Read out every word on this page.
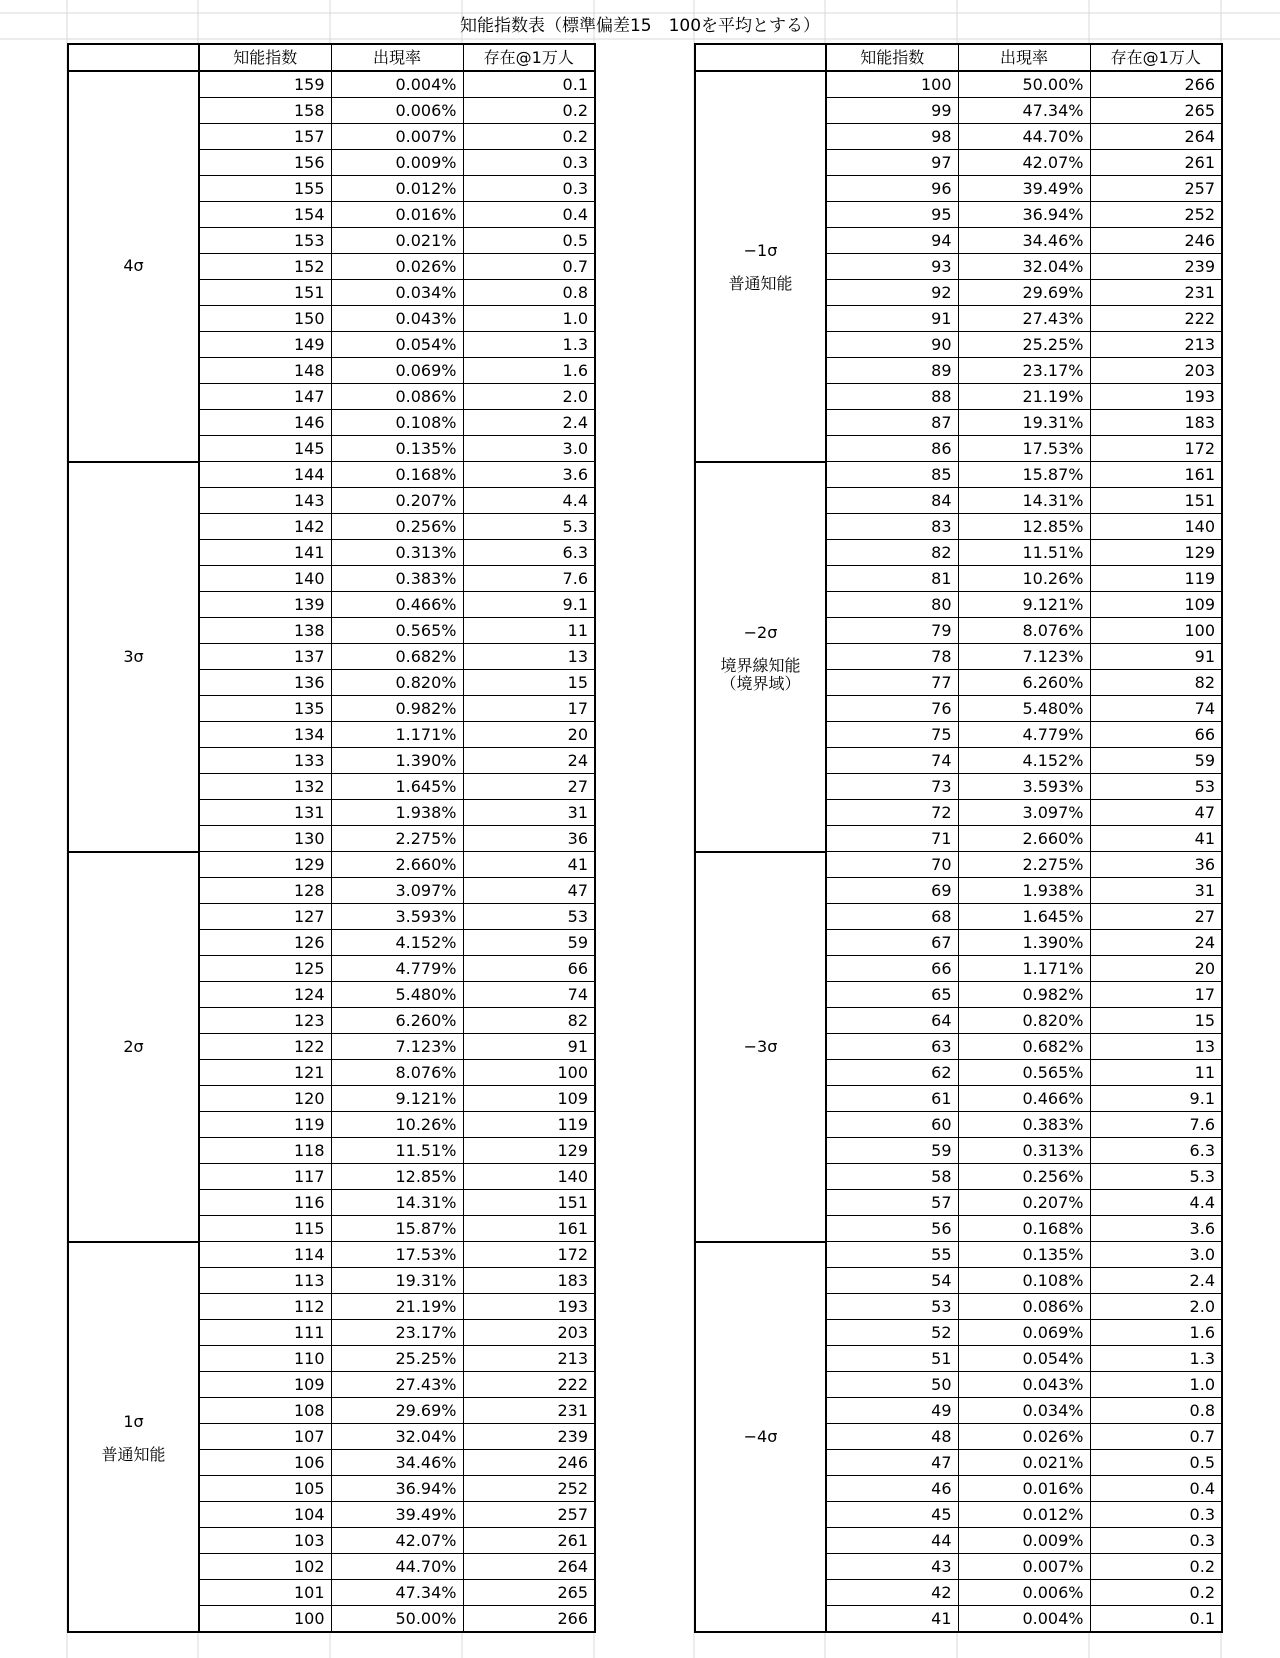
知能指数表（標準偏差15　100を平均とする）
	知能指数	出現率	存在@1万人

4σ	159	0.004%	0.1
	158	0.006%	0.2
	157	0.007%	0.2
	156	0.009%	0.3
	155	0.012%	0.3
	154	0.016%	0.4
	153	0.021%	0.5
	152	0.026%	0.7
	151	0.034%	0.8
	150	0.043%	1.0
	149	0.054%	1.3
	148	0.069%	1.6
	147	0.086%	2.0
	146	0.108%	2.4
	145	0.135%	3.0

3σ	144	0.168%	3.6
	143	0.207%	4.4
	142	0.256%	5.3
	141	0.313%	6.3
	140	0.383%	7.6
	139	0.466%	9.1
	138	0.565%	11
	137	0.682%	13
	136	0.820%	15
	135	0.982%	17
	134	1.171%	20
	133	1.390%	24
	132	1.645%	27
	131	1.938%	31
	130	2.275%	36

2σ	129	2.660%	41
	128	3.097%	47
	127	3.593%	53
	126	4.152%	59
	125	4.779%	66
	124	5.480%	74
	123	6.260%	82
	122	7.123%	91
	121	8.076%	100
	120	9.121%	109
	119	10.26%	119
	118	11.51%	129
	117	12.85%	140
	116	14.31%	151
	115	15.87%	161

1σ
普通知能	114	17.53%	172
	113	19.31%	183
	112	21.19%	193
	111	23.17%	203
	110	25.25%	213
	109	27.43%	222
	108	29.69%	231
	107	32.04%	239
	106	34.46%	246
	105	36.94%	252
	104	39.49%	257
	103	42.07%	261
	102	44.70%	264
	101	47.34%	265
	100	50.00%	266
	知能指数	出現率	存在@1万人

−1σ
普通知能	100	50.00%	266
	99	47.34%	265
	98	44.70%	264
	97	42.07%	261
	96	39.49%	257
	95	36.94%	252
	94	34.46%	246
	93	32.04%	239
	92	29.69%	231
	91	27.43%	222
	90	25.25%	213
	89	23.17%	203
	88	21.19%	193
	87	19.31%	183
	86	17.53%	172

−2σ
境界線知能
（境界域）	85	15.87%	161
	84	14.31%	151
	83	12.85%	140
	82	11.51%	129
	81	10.26%	119
	80	9.121%	109
	79	8.076%	100
	78	7.123%	91
	77	6.260%	82
	76	5.480%	74
	75	4.779%	66
	74	4.152%	59
	73	3.593%	53
	72	3.097%	47
	71	2.660%	41

−3σ	70	2.275%	36
	69	1.938%	31
	68	1.645%	27
	67	1.390%	24
	66	1.171%	20
	65	0.982%	17
	64	0.820%	15
	63	0.682%	13
	62	0.565%	11
	61	0.466%	9.1
	60	0.383%	7.6
	59	0.313%	6.3
	58	0.256%	5.3
	57	0.207%	4.4
	56	0.168%	3.6

−4σ	55	0.135%	3.0
	54	0.108%	2.4
	53	0.086%	2.0
	52	0.069%	1.6
	51	0.054%	1.3
	50	0.043%	1.0
	49	0.034%	0.8
	48	0.026%	0.7
	47	0.021%	0.5
	46	0.016%	0.4
	45	0.012%	0.3
	44	0.009%	0.3
	43	0.007%	0.2
	42	0.006%	0.2
	41	0.004%	0.1
